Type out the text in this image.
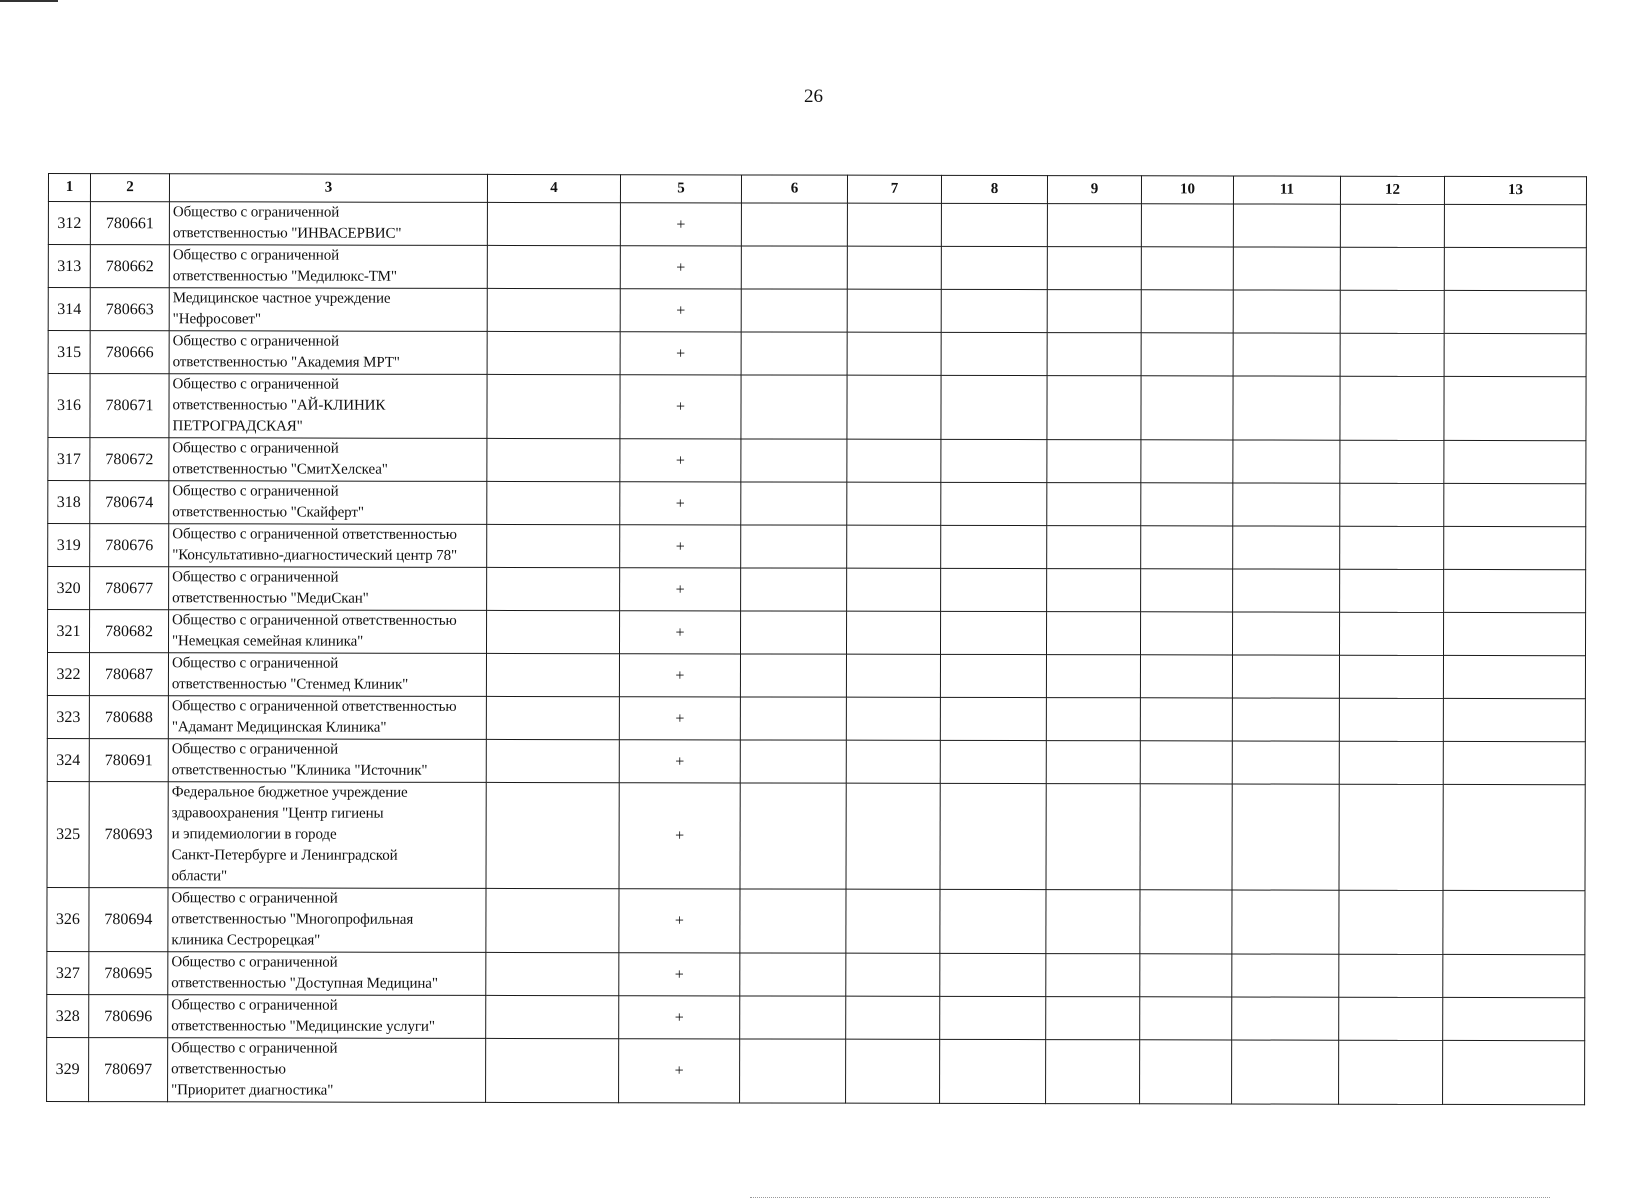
26
1	2	3	4	5	6	7	8	9	10	11	12	13
312	780661	Общество с ограниченной
ответственностью "ИНВАСЕРВИС"		+								
313	780662	Общество с ограниченной
ответственностью "Медилюкс-ТМ"		+								
314	780663	Медицинское частное учреждение
"Нефросовет"		+								
315	780666	Общество с ограниченной
ответственностью "Академия МРТ"		+								
316	780671	Общество с ограниченной
ответственностью "АЙ-КЛИНИК
ПЕТРОГРАДСКАЯ"		+								
317	780672	Общество с ограниченной
ответственностью "СмитХелскеа"		+								
318	780674	Общество с ограниченной
ответственностью "Скайферт"		+								
319	780676	Общество с ограниченной ответственностью
"Консультативно-диагностический центр 78"		+								
320	780677	Общество с ограниченной
ответственностью "МедиСкан"		+								
321	780682	Общество с ограниченной ответственностью
"Немецкая семейная клиника"		+								
322	780687	Общество с ограниченной
ответственностью "Стенмед Клиник"		+								
323	780688	Общество с ограниченной ответственностью
"Адамант Медицинская Клиника"		+								
324	780691	Общество с ограниченной
ответственностью "Клиника "Источник"		+								
325	780693	Федеральное бюджетное учреждение
здравоохранения "Центр гигиены
и эпидемиологии в городе
Санкт-Петербурге и Ленинградской
области"		+								
326	780694	Общество с ограниченной
ответственностью "Многопрофильная
клиника Сестрорецкая"		+								
327	780695	Общество с ограниченной
ответственностью "Доступная Медицина"		+								
328	780696	Общество с ограниченной
ответственностью "Медицинские услуги"		+								
329	780697	Общество с ограниченной
ответственностью
"Приоритет диагностика"		+								
